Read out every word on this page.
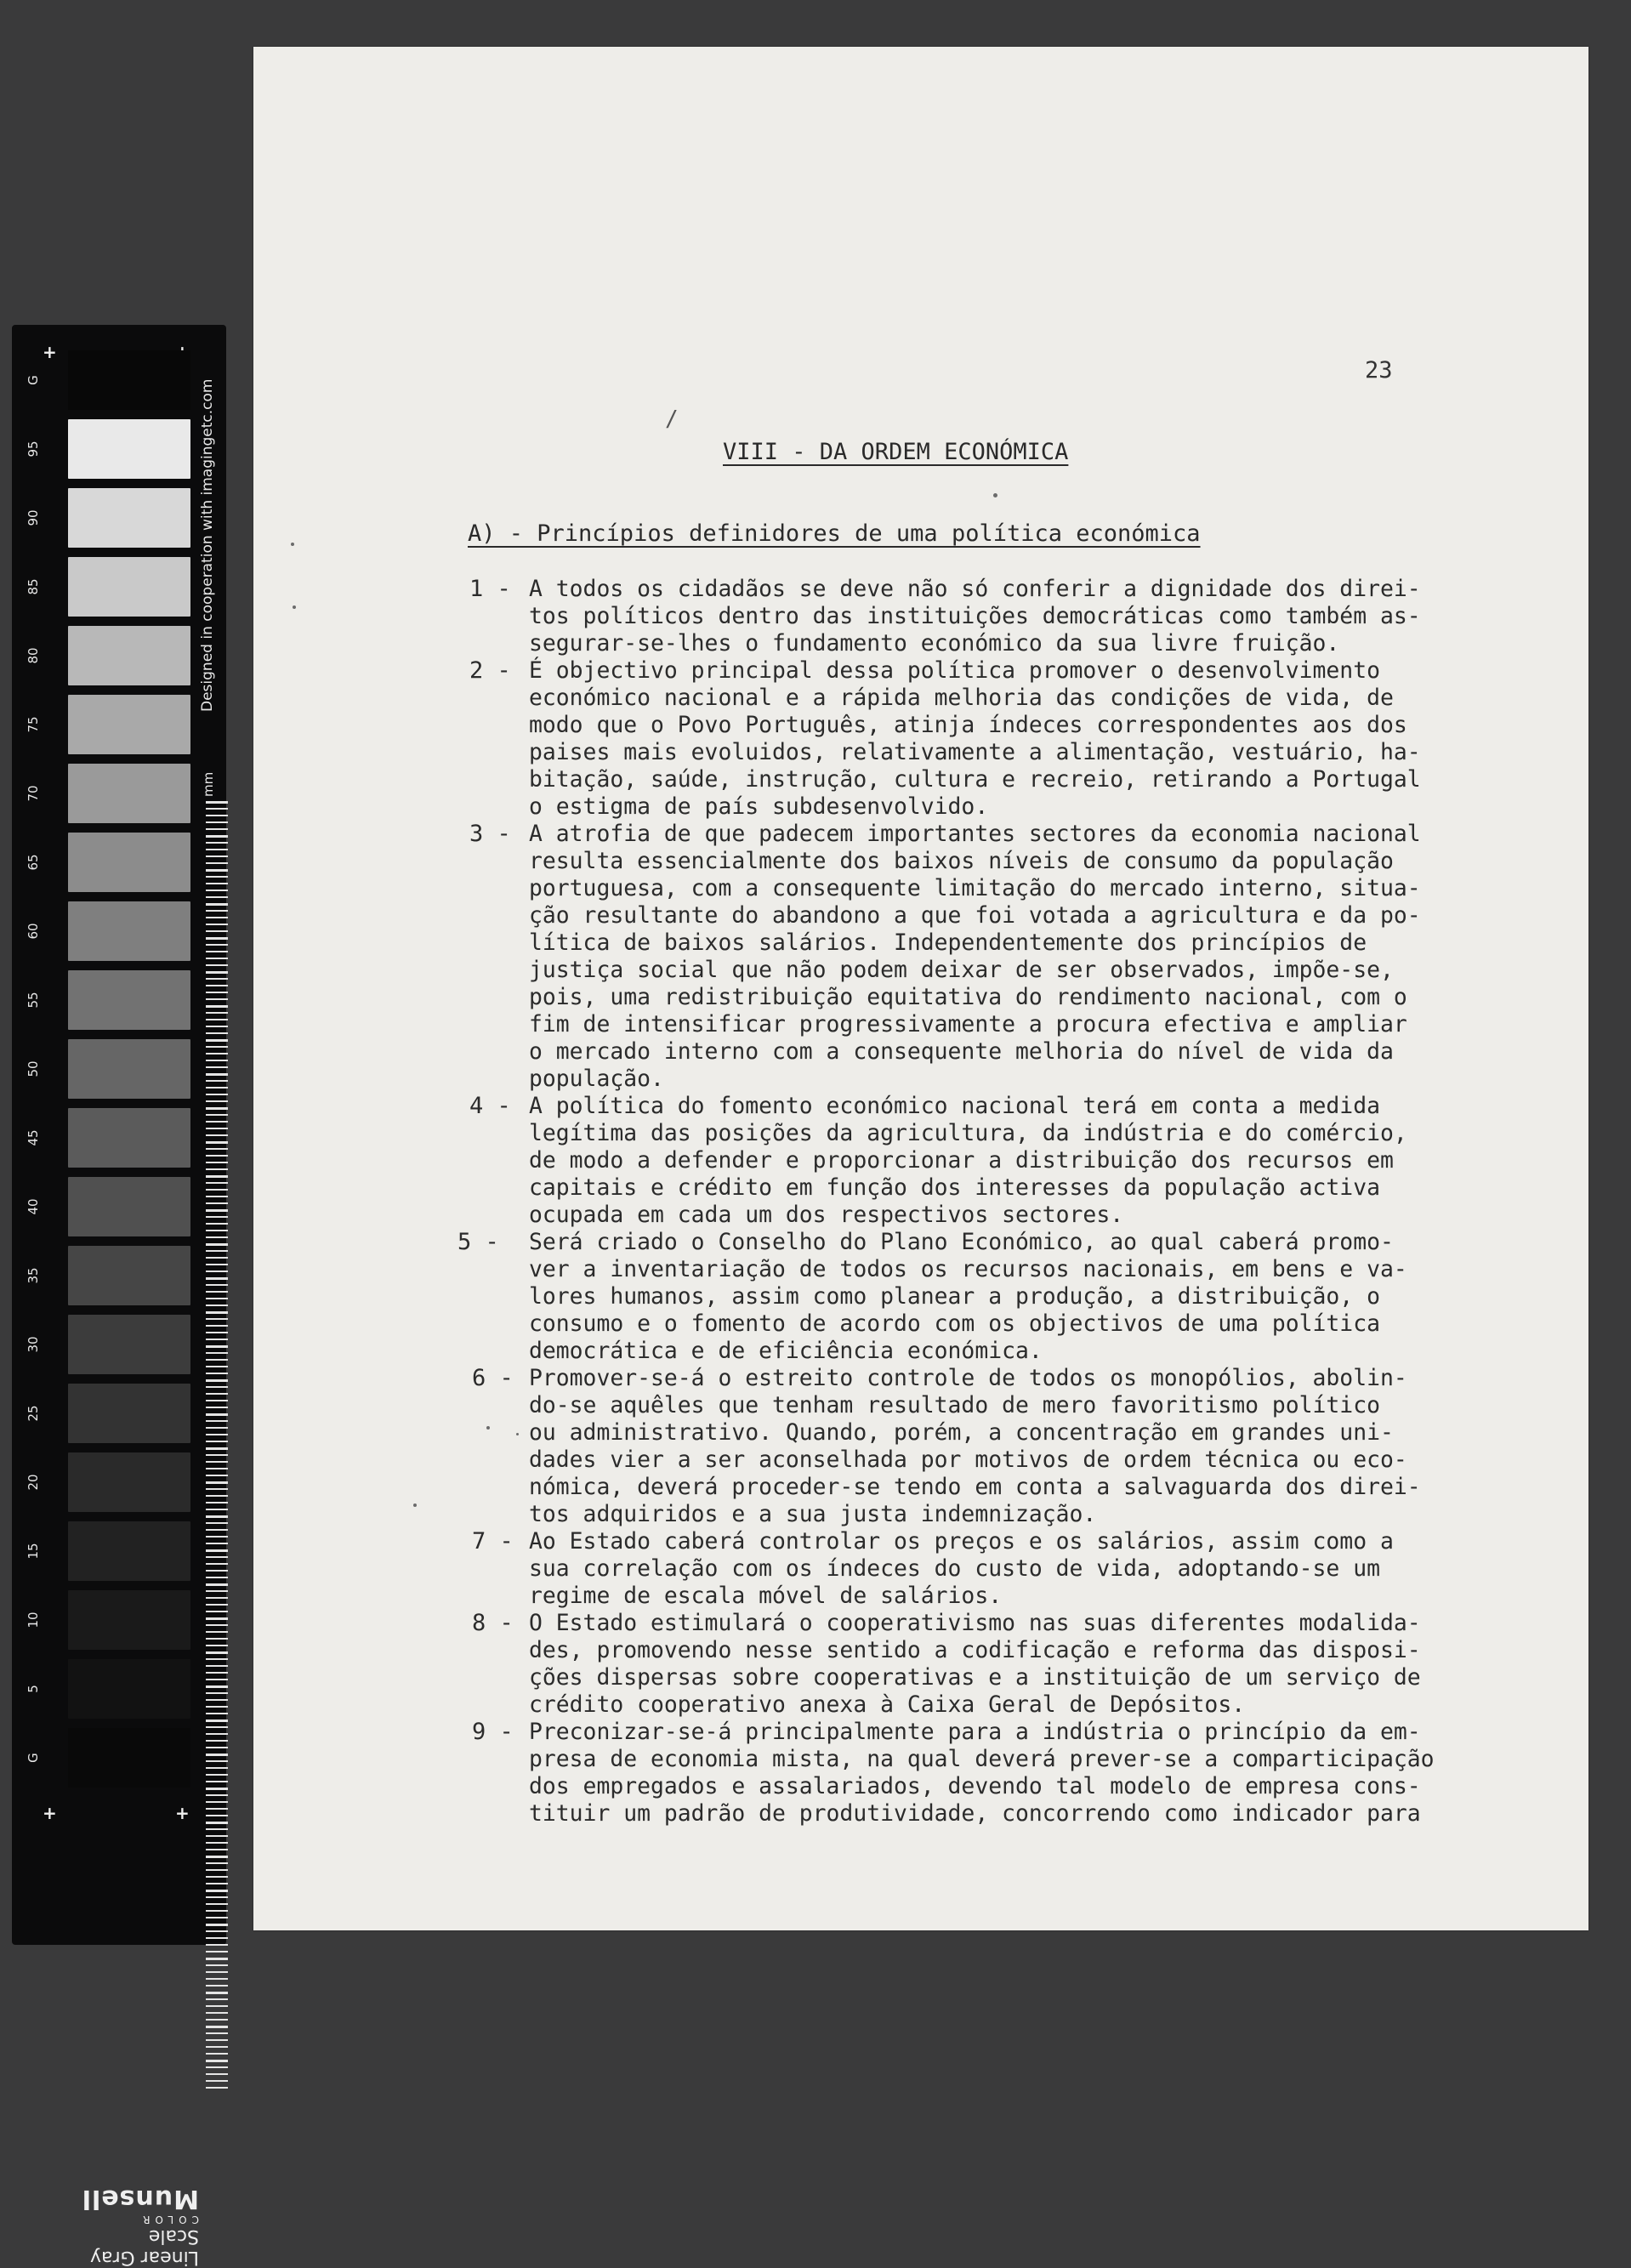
+
+	+
G
95
90
85
80
75
70
65
60
55
50
45
40
35
30
25
20
15
10
5
G
Designed in cooperation with imagingetc.com
mm
Linear Gray Scale
COLOR
Munsell
23
/
VIII - DA ORDEM ECONÓMICA
A) - Princípios definidores de uma política económica
1 - A todos os cidadãos se deve não só conferir a dignidade dos direi-
tos políticos dentro das instituições democráticas como também as-
segurar-se-lhes o fundamento económico da sua livre fruição.
2 - É objectivo principal dessa política promover o desenvolvimento
económico nacional e a rápida melhoria das condições de vida, de
modo que o Povo Português, atinja índeces correspondentes aos dos
paises mais evoluidos, relativamente a alimentação, vestuário, ha-
bitação, saúde, instrução, cultura e recreio, retirando a Portugal
o estigma de país subdesenvolvido.
3 - A atrofia de que padecem importantes sectores da economia nacional
resulta essencialmente dos baixos níveis de consumo da população
portuguesa, com a consequente limitação do mercado interno, situa-
ção resultante do abandono a que foi votada a agricultura e da po-
lítica de baixos salários. Independentemente dos princípios de
justiça social que não podem deixar de ser observados, impõe-se,
pois, uma redistribuição equitativa do rendimento nacional, com o
fim de intensificar progressivamente a procura efectiva e ampliar
o mercado interno com a consequente melhoria do nível de vida da
população.
4 - A política do fomento económico nacional terá em conta a medida
legítima das posições da agricultura, da indústria e do comércio,
de modo a defender e proporcionar a distribuição dos recursos em
capitais e crédito em função dos interesses da população activa
ocupada em cada um dos respectivos sectores.
5 - Será criado o Conselho do Plano Económico, ao qual caberá promo-
ver a inventariação de todos os recursos nacionais, em bens e va-
lores humanos, assim como planear a produção, a distribuição, o
consumo e o fomento de acordo com os objectivos de uma política
democrática e de eficiência económica.
6 - Promover-se-á o estreito controle de todos os monopólios, abolin-
do-se aquêles que tenham resultado de mero favoritismo político
ou administrativo. Quando, porém, a concentração em grandes uni-
dades vier a ser aconselhada por motivos de ordem técnica ou eco-
nómica, deverá proceder-se tendo em conta a salvaguarda dos direi-
tos adquiridos e a sua justa indemnização.
7 - Ao Estado caberá controlar os preços e os salários, assim como a
sua correlação com os índeces do custo de vida, adoptando-se um
regime de escala móvel de salários.
8 - O Estado estimulará o cooperativismo nas suas diferentes modalida-
des, promovendo nesse sentido a codificação e reforma das disposi-
ções dispersas sobre cooperativas e a instituição de um serviço de
crédito cooperativo anexa à Caixa Geral de Depósitos.
9 - Preconizar-se-á principalmente para a indústria o princípio da em-
presa de economia mista, na qual deverá prever-se a comparticipação
dos empregados e assalariados, devendo tal modelo de empresa cons-
tituir um padrão de produtividade, concorrendo como indicador para
